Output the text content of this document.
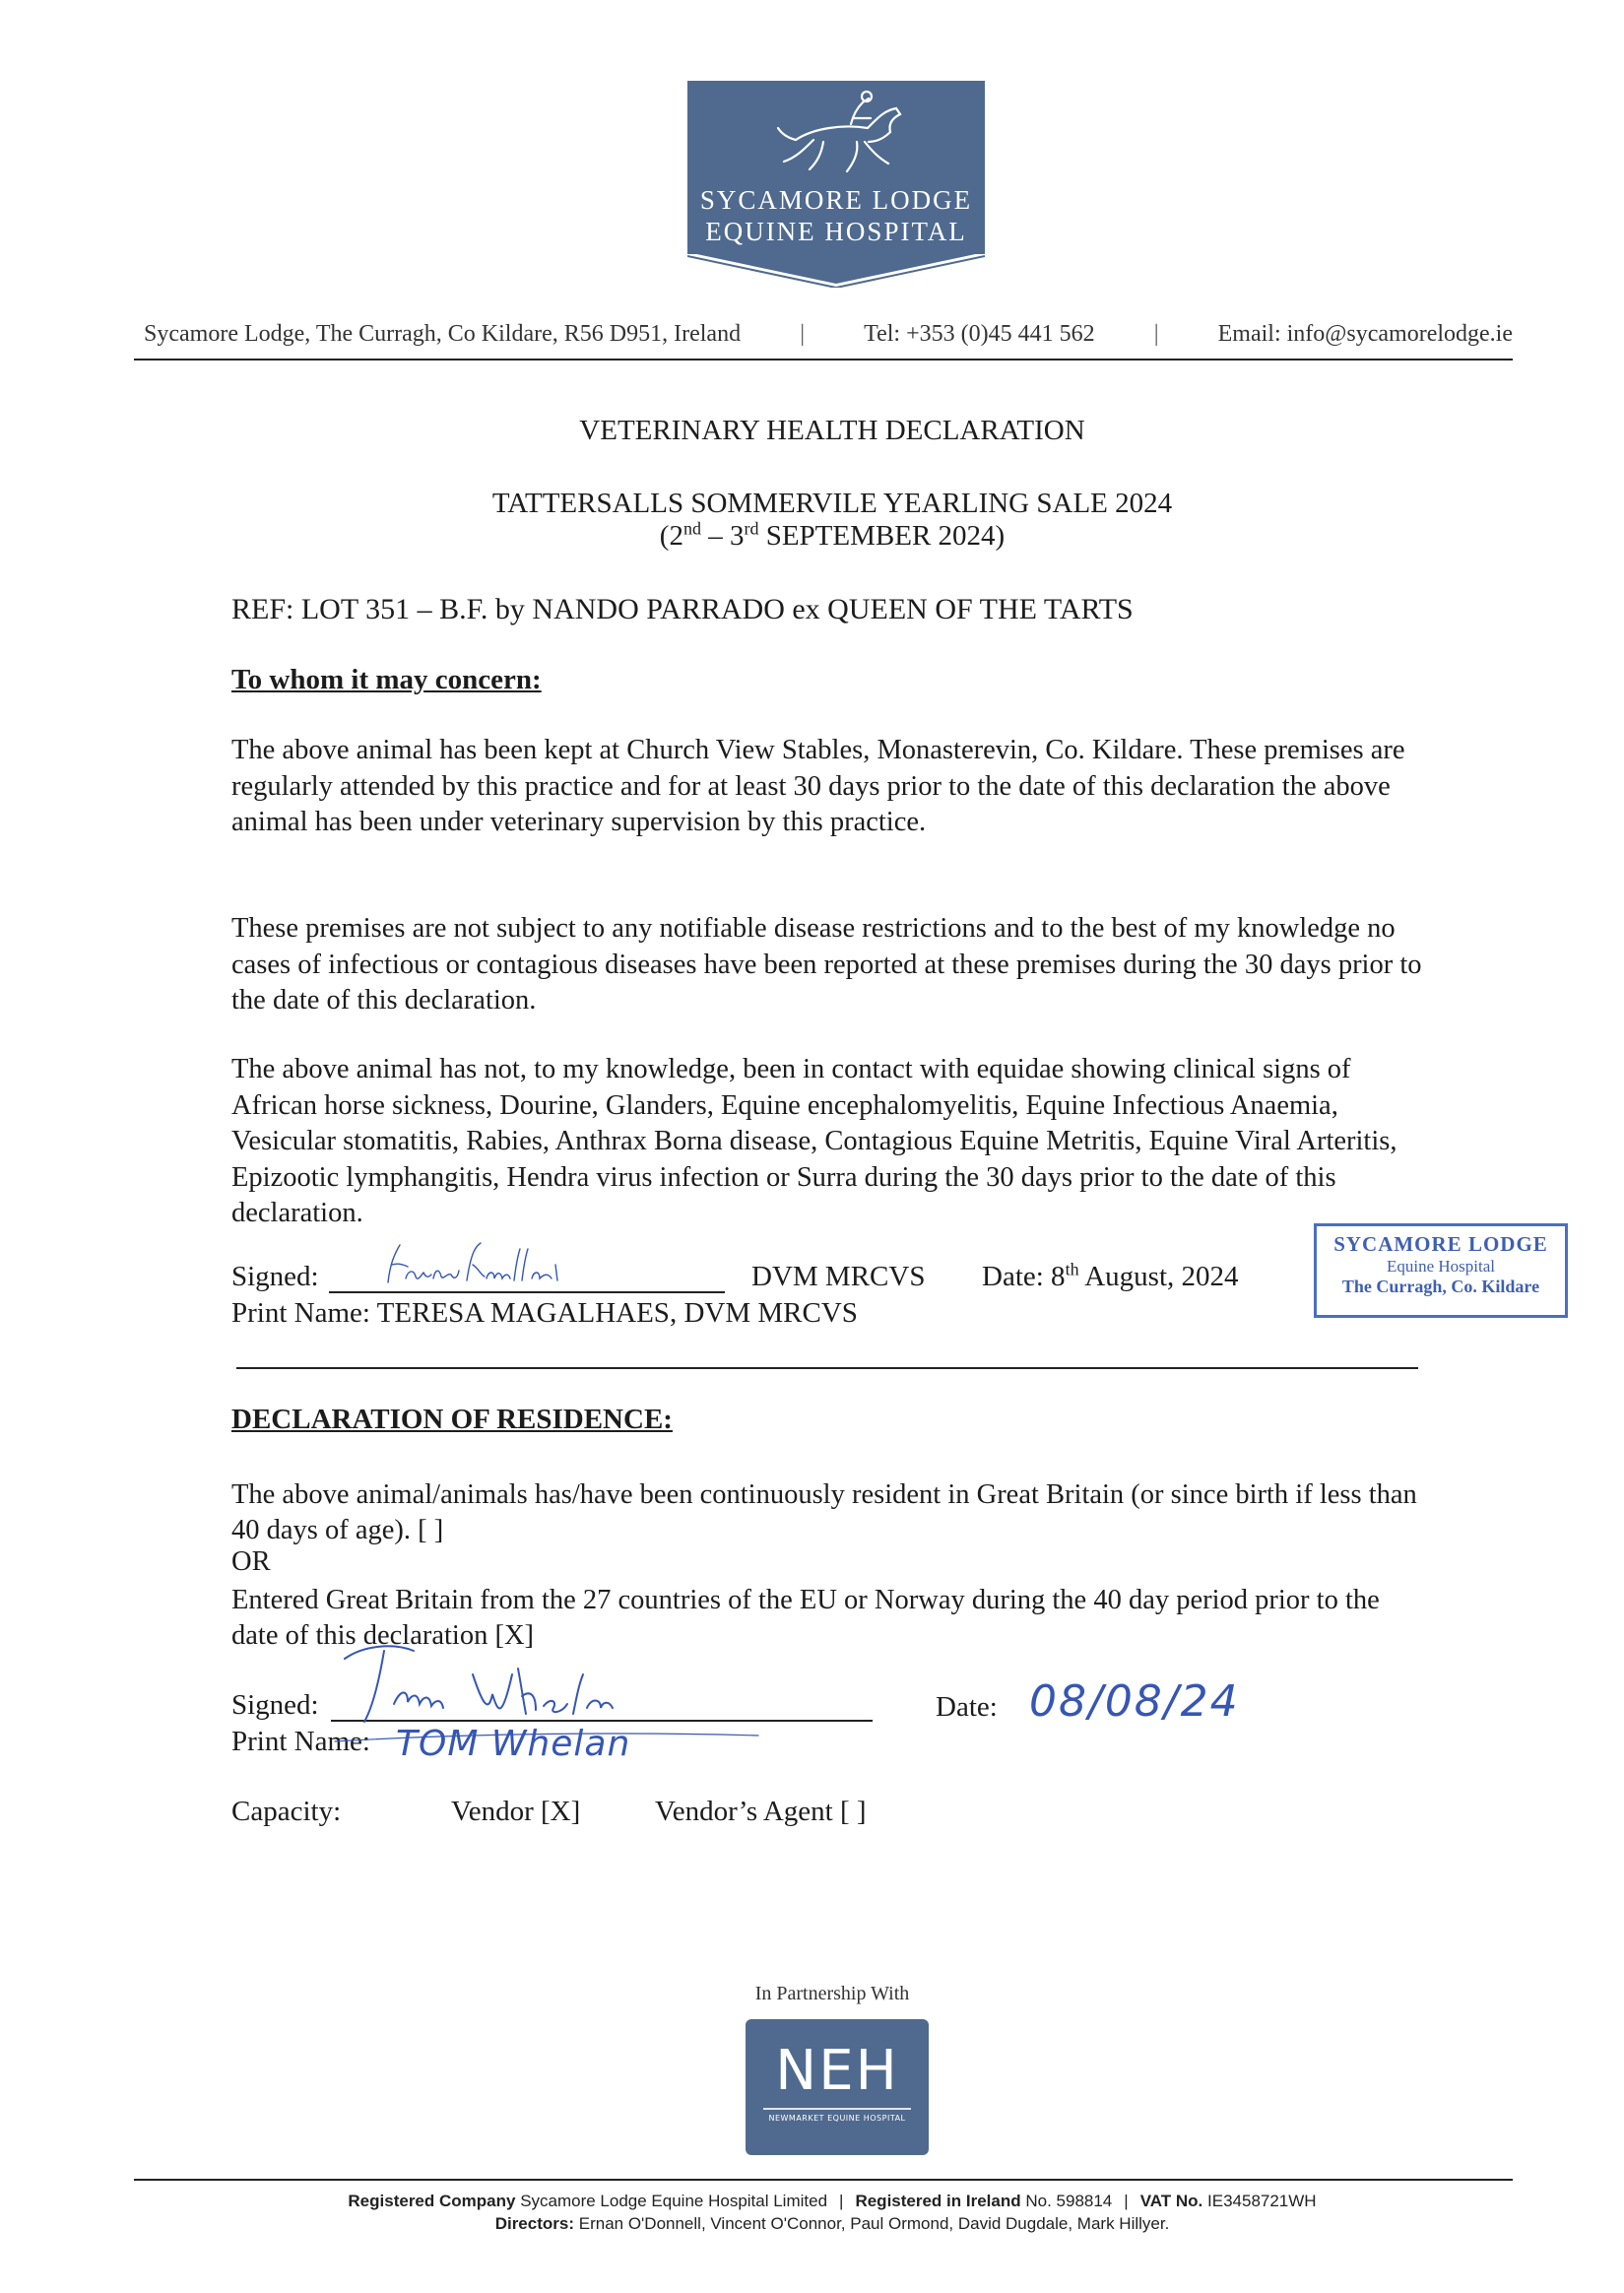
SYCAMORE LODGE
EQUINE HOSPITAL
Sycamore Lodge, The Curragh, Co Kildare, R56 D951, Ireland	|	Tel: +353 (0)45 441 562	|	Email: info@sycamorelodge.ie
VETERINARY HEALTH DECLARATION
TATTERSALLS SOMMERVILE YEARLING SALE 2024
(2nd – 3rd SEPTEMBER 2024)
REF: LOT 351 – B.F. by NANDO PARRADO ex QUEEN OF THE TARTS
To whom it may concern:
The above animal has been kept at Church View Stables, Monasterevin, Co. Kildare. These premises are regularly attended by this practice and for at least 30 days prior to the date of this declaration the above animal has been under veterinary supervision by this practice.
These premises are not subject to any notifiable disease restrictions and to the best of my knowledge no cases of infectious or contagious diseases have been reported at these premises during the 30 days prior to the date of this declaration.
The above animal has not, to my knowledge, been in contact with equidae showing clinical signs of African horse sickness, Dourine, Glanders, Equine encephalomyelitis, Equine Infectious Anaemia, Vesicular stomatitis, Rabies, Anthrax Borna disease, Contagious Equine Metritis, Equine Viral Arteritis, Epizootic lymphangitis, Hendra virus infection or Surra during the 30 days prior to the date of this declaration.
Signed:	DVM MRCVS Date: 8th August, 2024
Print Name: TERESA MAGALHAES, DVM MRCVS
SYCAMORE LODGE
Equine Hospital
The Curragh, Co. Kildare
DECLARATION OF RESIDENCE:
The above animal/animals has/have been continuously resident in Great Britain (or since birth if less than 40 days of age). [ ]
OR
Entered Great Britain from the 27 countries of the EU or Norway during the 40 day period prior to the date of this declaration [X]
Signed:
Print Name: TOM Whelan
Date: 08/08/24
Capacity:	Vendor [X]	Vendor’s Agent [ ]
In Partnership With
NEH
NEWMARKET EQUINE HOSPITAL
Registered Company Sycamore Lodge Equine Hospital Limited | Registered in Ireland No. 598814 | VAT No. IE3458721WH
Directors: Ernan O'Donnell, Vincent O'Connor, Paul Ormond, David Dugdale, Mark Hillyer.
